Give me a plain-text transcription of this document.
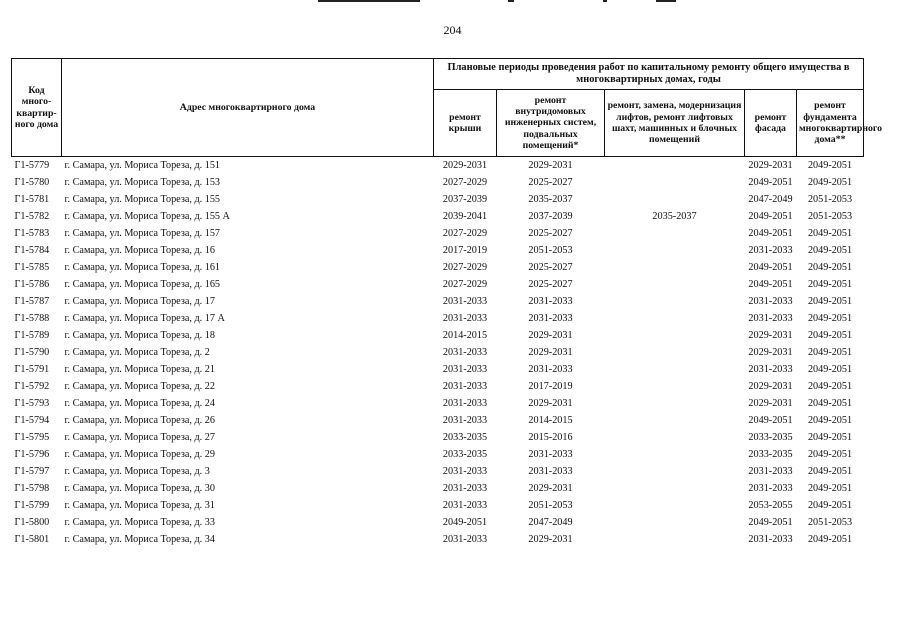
204
Код много-квартир-ного дома	Адрес многоквартирного дома	Плановые периоды проведения работ по капитальному ремонту общего имущества в многоквартирных домах, годы				
		ремонт крыши	ремонт внутридомовых инженерных систем, подвальных помещений*	ремонт, замена, модернизация лифтов, ремонт лифтовых шахт, машинных и блочных помещений	ремонт фасада	ремонт фундамента многоквартирного дома**
Г1-5779	г. Самара, ул. Мориса Тореза, д. 151	2029-2031	2029-2031		2029-2031	2049-2051
Г1-5780	г. Самара, ул. Мориса Тореза, д. 153	2027-2029	2025-2027		2049-2051	2049-2051
Г1-5781	г. Самара, ул. Мориса Тореза, д. 155	2037-2039	2035-2037		2047-2049	2051-2053
Г1-5782	г. Самара, ул. Мориса Тореза, д. 155 А	2039-2041	2037-2039	2035-2037	2049-2051	2051-2053
Г1-5783	г. Самара, ул. Мориса Тореза, д. 157	2027-2029	2025-2027		2049-2051	2049-2051
Г1-5784	г. Самара, ул. Мориса Тореза, д. 16	2017-2019	2051-2053		2031-2033	2049-2051
Г1-5785	г. Самара, ул. Мориса Тореза, д. 161	2027-2029	2025-2027		2049-2051	2049-2051
Г1-5786	г. Самара, ул. Мориса Тореза, д. 165	2027-2029	2025-2027		2049-2051	2049-2051
Г1-5787	г. Самара, ул. Мориса Тореза, д. 17	2031-2033	2031-2033		2031-2033	2049-2051
Г1-5788	г. Самара, ул. Мориса Тореза, д. 17 А	2031-2033	2031-2033		2031-2033	2049-2051
Г1-5789	г. Самара, ул. Мориса Тореза, д. 18	2014-2015	2029-2031		2029-2031	2049-2051
Г1-5790	г. Самара, ул. Мориса Тореза, д. 2	2031-2033	2029-2031		2029-2031	2049-2051
Г1-5791	г. Самара, ул. Мориса Тореза, д. 21	2031-2033	2031-2033		2031-2033	2049-2051
Г1-5792	г. Самара, ул. Мориса Тореза, д. 22	2031-2033	2017-2019		2029-2031	2049-2051
Г1-5793	г. Самара, ул. Мориса Тореза, д. 24	2031-2033	2029-2031		2029-2031	2049-2051
Г1-5794	г. Самара, ул. Мориса Тореза, д. 26	2031-2033	2014-2015		2049-2051	2049-2051
Г1-5795	г. Самара, ул. Мориса Тореза, д. 27	2033-2035	2015-2016		2033-2035	2049-2051
Г1-5796	г. Самара, ул. Мориса Тореза, д. 29	2033-2035	2031-2033		2033-2035	2049-2051
Г1-5797	г. Самара, ул. Мориса Тореза, д. 3	2031-2033	2031-2033		2031-2033	2049-2051
Г1-5798	г. Самара, ул. Мориса Тореза, д. 30	2031-2033	2029-2031		2031-2033	2049-2051
Г1-5799	г. Самара, ул. Мориса Тореза, д. 31	2031-2033	2051-2053		2053-2055	2049-2051
Г1-5800	г. Самара, ул. Мориса Тореза, д. 33	2049-2051	2047-2049		2049-2051	2051-2053
Г1-5801	г. Самара, ул. Мориса Тореза, д. 34	2031-2033	2029-2031		2031-2033	2049-2051
